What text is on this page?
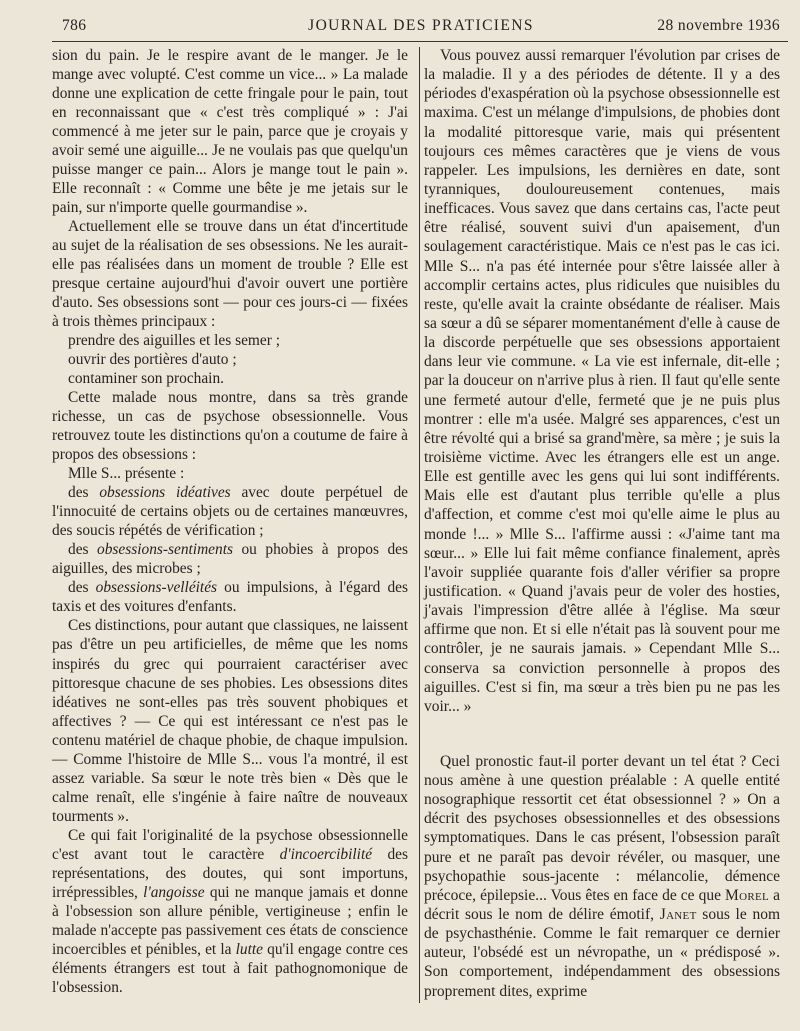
786	JOURNAL DES PRATICIENS	28 novembre 1936

sion du pain. Je le respire avant de le manger. Je le mange avec volupté. C'est comme un vice... » La malade donne une explication de cette fringale pour le pain, tout en reconnaissant que « c'est très compliqué » : J'ai commencé à me jeter sur le pain, parce que je croyais y avoir semé une aiguille... Je ne voulais pas que quelqu'un puisse manger ce pain... Alors je mange tout le pain ». Elle reconnaît : « Comme une bête je me jetais sur le pain, sur n'importe quelle gourmandise ».

Actuellement elle se trouve dans un état d'incertitude au sujet de la réalisation de ses obsessions. Ne les aurait-elle pas réalisées dans un moment de trouble ? Elle est presque certaine aujourd'hui d'avoir ouvert une portière d'auto. Ses obsessions sont — pour ces jours-ci — fixées à trois thèmes principaux :

prendre des aiguilles et les semer ;

ouvrir des portières d'auto ;

contaminer son prochain.

Cette malade nous montre, dans sa très grande richesse, un cas de psychose obsessionnelle. Vous retrouvez toute les distinctions qu'on a coutume de faire à propos des obsessions :

Mlle S... présente :

des obsessions idéatives avec doute perpétuel de l'innocuité de certains objets ou de certaines manœuvres, des soucis répétés de vérification ;

des obsessions-sentiments ou phobies à propos des aiguilles, des microbes ;

des obsessions-velléités ou impulsions, à l'égard des taxis et des voitures d'enfants.

Ces distinctions, pour autant que classiques, ne laissent pas d'être un peu artificielles, de même que les noms inspirés du grec qui pourraient caractériser avec pittoresque chacune de ses phobies. Les obsessions dites idéatives ne sont-elles pas très souvent phobiques et affectives ? — Ce qui est intéressant ce n'est pas le contenu matériel de chaque phobie, de chaque impulsion. — Comme l'histoire de Mlle S... vous l'a montré, il est assez variable. Sa sœur le note très bien « Dès que le calme renaît, elle s'ingénie à faire naître de nouveaux tourments ».

Ce qui fait l'originalité de la psychose obsessionnelle c'est avant tout le caractère d'incoercibilité des représentations, des doutes, qui sont importuns, irrépressibles, l'angoisse qui ne manque jamais et donne à l'obsession son allure pénible, vertigineuse ; enfin le malade n'accepte pas passivement ces états de conscience incoercibles et pénibles, et la lutte qu'il engage contre ces éléments étrangers est tout à fait pathognomonique de l'obsession.

Vous pouvez aussi remarquer l'évolution par crises de la maladie. Il y a des périodes de détente. Il y a des périodes d'exaspération où la psychose obsessionnelle est maxima. C'est un mélange d'impulsions, de phobies dont la modalité pittoresque varie, mais qui présentent toujours ces mêmes caractères que je viens de vous rappeler. Les impulsions, les dernières en date, sont tyranniques, douloureusement contenues, mais inefficaces. Vous savez que dans certains cas, l'acte peut être réalisé, souvent suivi d'un apaisement, d'un soulagement caractéristique. Mais ce n'est pas le cas ici. Mlle S... n'a pas été internée pour s'être laissée aller à accomplir certains actes, plus ridicules que nuisibles du reste, qu'elle avait la crainte obsédante de réaliser. Mais sa sœur a dû se séparer momentanément d'elle à cause de la discorde perpétuelle que ses obsessions apportaient dans leur vie commune. « La vie est infernale, dit-elle ; par la douceur on n'arrive plus à rien. Il faut qu'elle sente une fermeté autour d'elle, fermeté que je ne puis plus montrer : elle m'a usée. Malgré ses apparences, c'est un être révolté qui a brisé sa grand'mère, sa mère ; je suis la troisième victime. Avec les étrangers elle est un ange. Elle est gentille avec les gens qui lui sont indifférents. Mais elle est d'autant plus terrible qu'elle a plus d'affection, et comme c'est moi qu'elle aime le plus au monde !... » Mlle S... l'affirme aussi : «J'aime tant ma sœur... » Elle lui fait même confiance finalement, après l'avoir suppliée quarante fois d'aller vérifier sa propre justification. « Quand j'avais peur de voler des hosties, j'avais l'impression d'être allée à l'église. Ma sœur affirme que non. Et si elle n'était pas là souvent pour me contrôler, je ne saurais jamais. » Cependant Mlle S... conserva sa conviction personnelle à propos des aiguilles. C'est si fin, ma sœur a très bien pu ne pas les voir... »

Quel pronostic faut-il porter devant un tel état ? Ceci nous amène à une question préalable : A quelle entité nosographique ressortit cet état obsessionnel ? » On a décrit des psychoses obsessionnelles et des obsessions symptomatiques. Dans le cas présent, l'obsession paraît pure et ne paraît pas devoir révéler, ou masquer, une psychopathie sous-jacente : mélancolie, démence précoce, épilepsie... Vous êtes en face de ce que Morel a décrit sous le nom de délire émotif, Janet sous le nom de psychasthénie. Comme le fait remarquer ce dernier auteur, l'obsédé est un névropathe, un « prédisposé ». Son comportement, indépendamment des obsessions proprement dites, exprime
